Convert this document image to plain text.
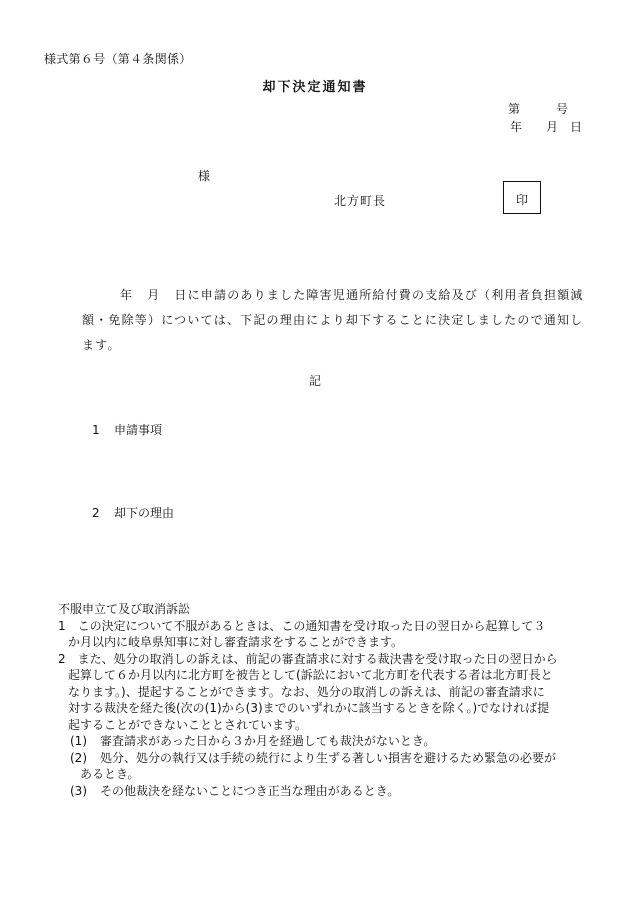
様式第６号（第４条関係）
却下決定通知書
第	号
年 月 日
様
北方町長	印
年 月 日に申請のありました障害児通所給付費の支給及び（利用者負担額減
額・免除等）については、下記の理由により却下することに決定しましたので通知し
ます。
記
1 申請事項
2 却下の理由

不服申立て及び取消訴訟

1　この決定について不服があるときは、この通知書を受け取った日の翌日から起算して３

か月以内に岐阜県知事に対し審査請求をすることができます。

2　また、処分の取消しの訴えは、前記の審査請求に対する裁決書を受け取った日の翌日から

起算して６か月以内に北方町を被告として(訴訟において北方町を代表する者は北方町長と

なります。)、提起することができます。なお、処分の取消しの訴えは、前記の審査請求に

対する裁決を経た後(次の(1)から(3)までのいずれかに該当するときを除く。)でなければ提

起することができないこととされています。

(1) 審査請求があった日から３か月を経過しても裁決がないとき。

(2) 処分、処分の執行又は手続の続行により生ずる著しい損害を避けるため緊急の必要が

あるとき。

(3) その他裁決を経ないことにつき正当な理由があるとき。
